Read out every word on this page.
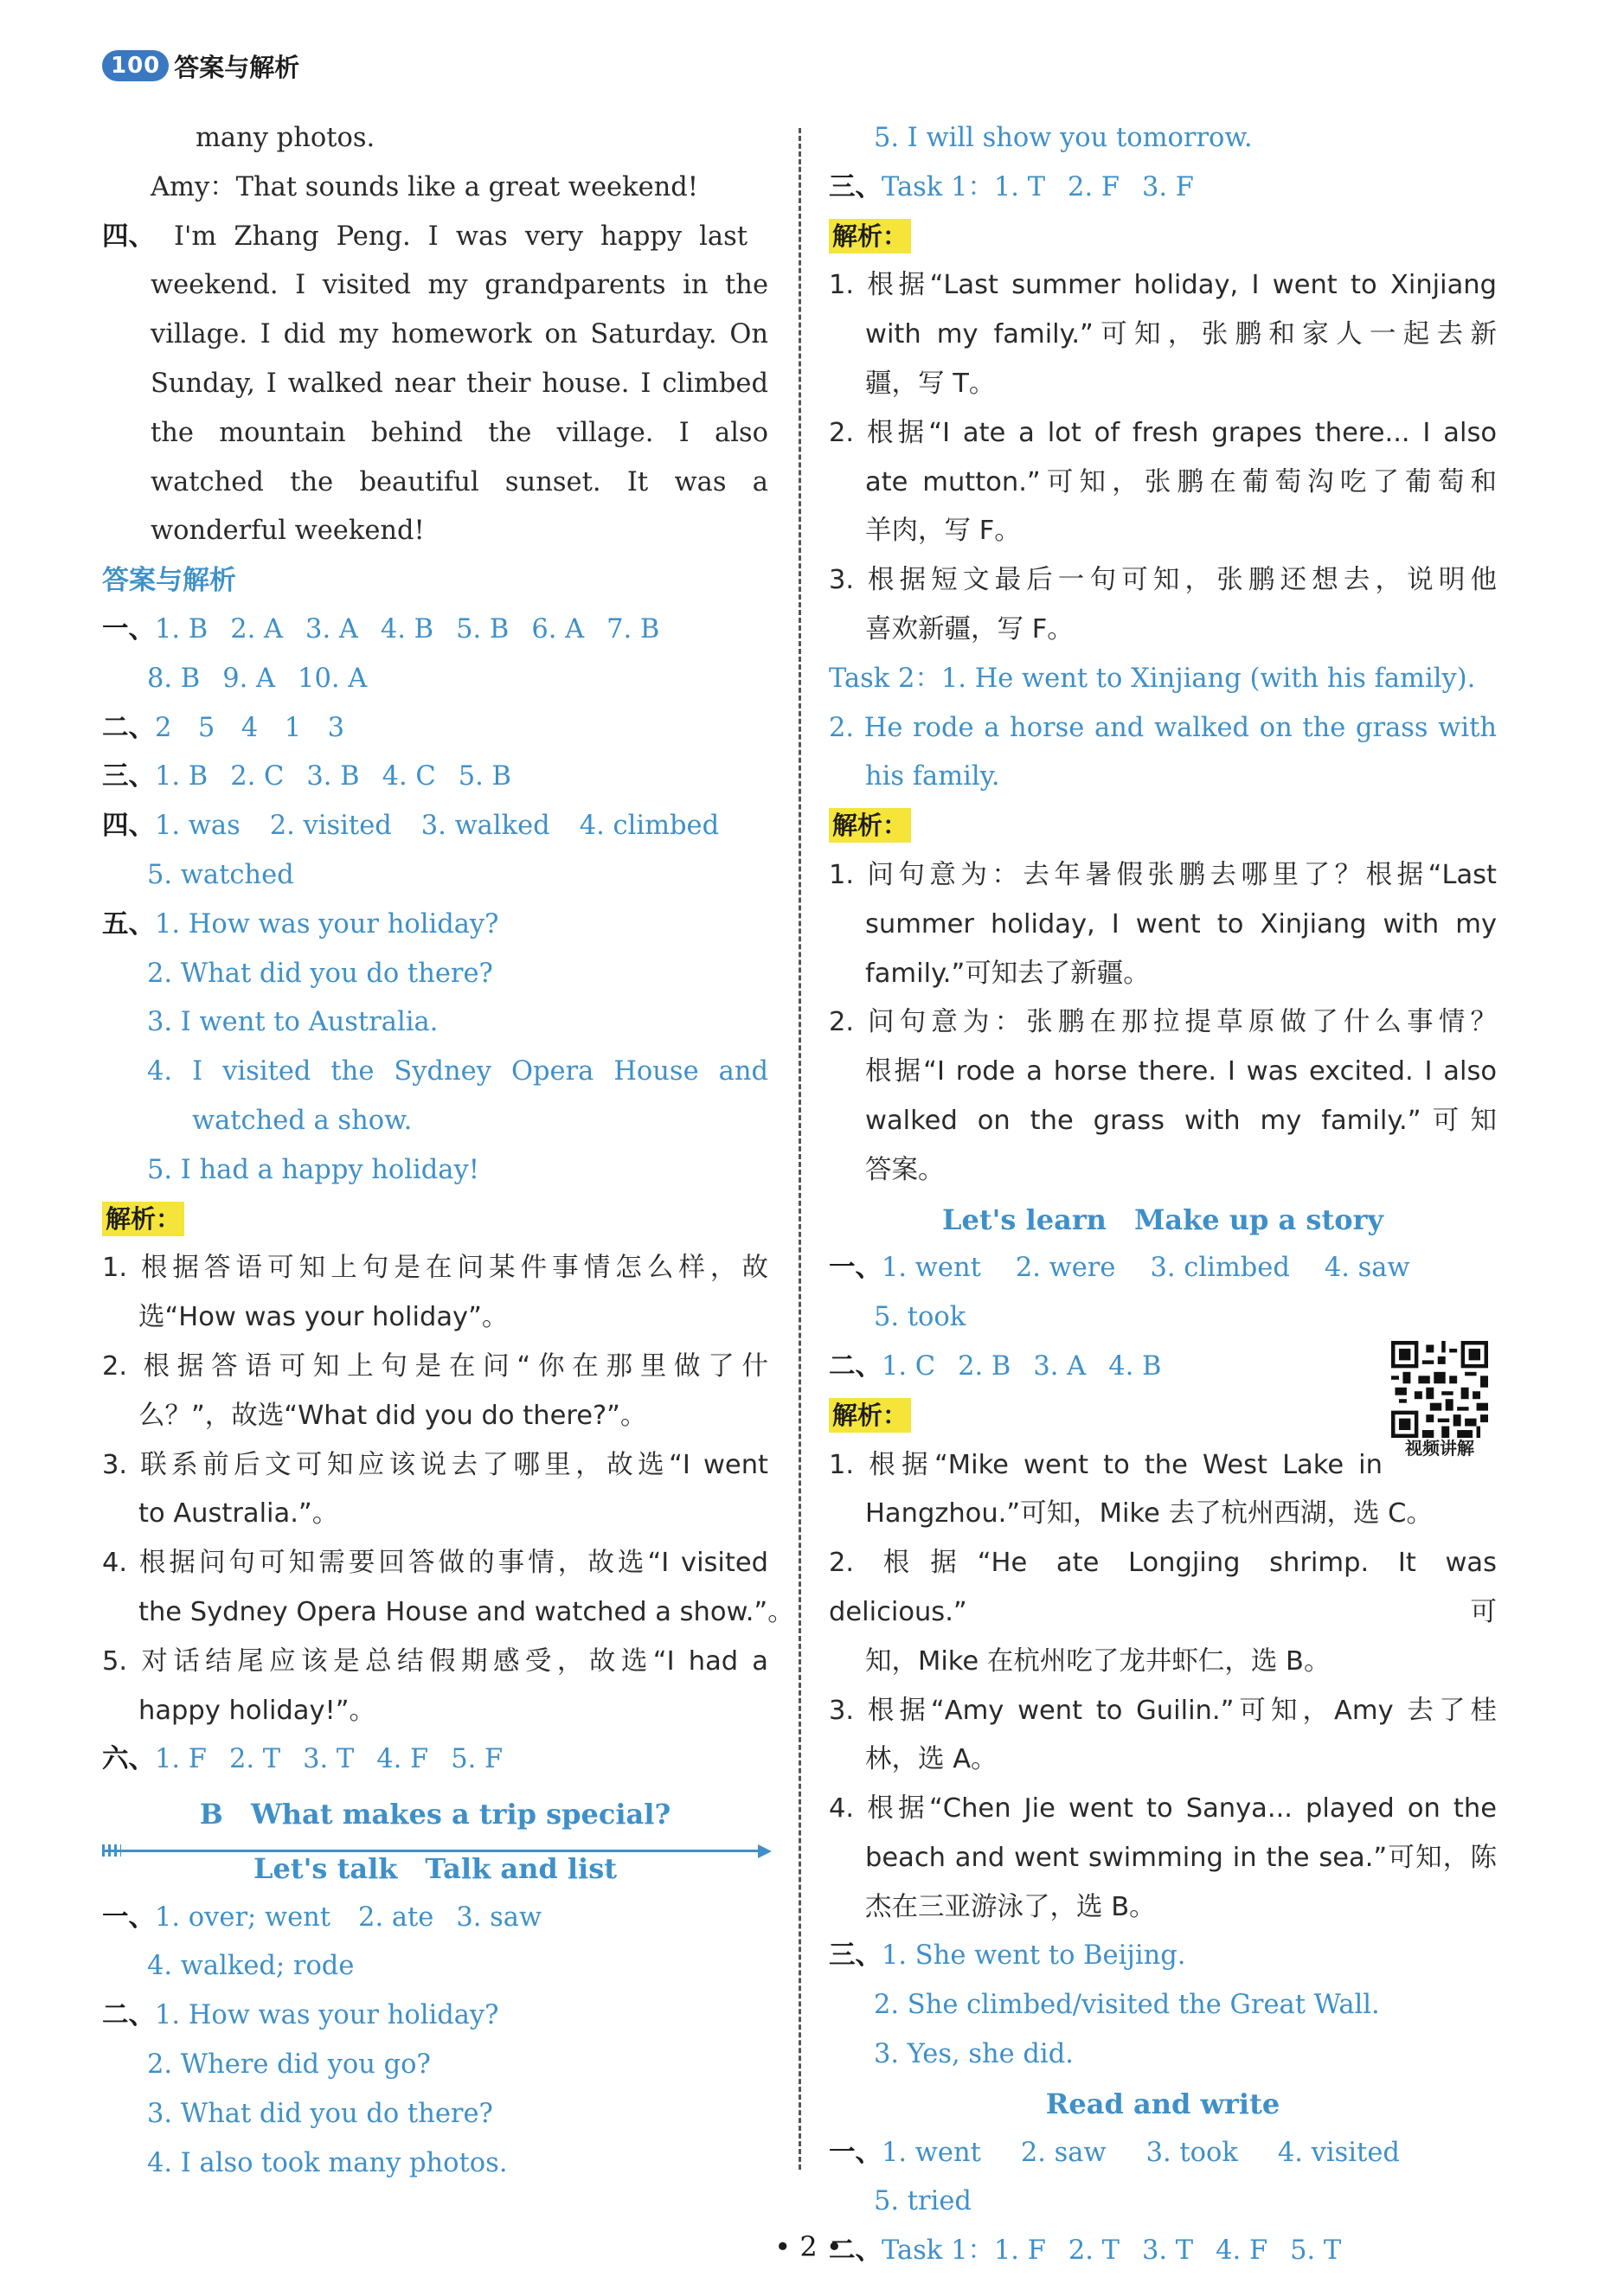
100 答案与解析
many photos.
Amy：That sounds like a great weekend!
四、 I'm Zhang Peng. I was very happy last
weekend. I visited my grandparents in the
village. I did my homework on Saturday. On
Sunday, I walked near their house. I climbed
the mountain behind the village. I also
watched the beautiful sunset. It was a
wonderful weekend!
答案与解析
一、1. B 2. A 3. A 4. B 5. B 6. A 7. B
8. B 9. A 10. A
二、2　5　4　1　3
三、1. B 2. C 3. B 4. C 5. B
四、1. was 2. visited 3. walked 4. climbed
5. watched
五、1. How was your holiday?
2. What did you do there?
3. I went to Australia.
4. I visited the Sydney Opera House and
watched a show.
5. I had a happy holiday!
解析：
1. 根据答语可知上句是在问某件事情怎么样，故
选“How was your holiday”。
2. 根据答语可知上句是在问“你在那里做了什
么？”，故选“What did you do there?”。
3. 联系前后文可知应该说去了哪里，故选“I went
to Australia.”。
4. 根据问句可知需要回答做的事情，故选“I visited
the Sydney Opera House and watched a show.”。
5. 对话结尾应该是总结假期感受，故选“I had a
happy holiday!”。
六、1. F 2. T 3. T 4. F 5. F
B　What makes a trip special?
Let's talk　Talk and list
一、1. over; went 2. ate 3. saw
4. walked; rode
二、1. How was your holiday?
2. Where did you go?
3. What did you do there?
4. I also took many photos.
5. I will show you tomorrow.
三、Task 1：1. T 2. F 3. F
解析：
1. 根据“Last summer holiday, I went to Xinjiang
with my family.”可知，张鹏和家人一起去新
疆，写 T。
2. 根据“I ate a lot of fresh grapes there... I also
ate mutton.”可知，张鹏在葡萄沟吃了葡萄和
羊肉，写 F。
3. 根据短文最后一句可知，张鹏还想去，说明他
喜欢新疆，写 F。
Task 2：1. He went to Xinjiang (with his family).
2. He rode a horse and walked on the grass with
his family.
解析：
1. 问句意为：去年暑假张鹏去哪里了？根据“Last
summer holiday, I went to Xinjiang with my
family.”可知去了新疆。
2. 问句意为：张鹏在那拉提草原做了什么事情？
根据“I rode a horse there. I was excited. I also
walked on the grass with my family.”可知
答案。
Let's learn　Make up a story
一、1. went 2. were 3. climbed 4. saw
5. took
二、1. C 2. B 3. A 4. B
视频讲解
解析：
1. 根据“Mike went to the West Lake in
Hangzhou.”可知，Mike 去了杭州西湖，选 C。
2. 根据“He ate Longjing shrimp. It was delicious.”可
知，Mike 在杭州吃了龙井虾仁，选 B。
3. 根据“Amy went to Guilin.”可知，Amy 去了桂
林，选 A。
4. 根据“Chen Jie went to Sanya... played on the
beach and went swimming in the sea.”可知，陈
杰在三亚游泳了，选 B。
三、1. She went to Beijing.
2. She climbed/visited the Great Wall.
3. Yes, she did.
Read and write
一、1. went 2. saw 3. took 4. visited
5. tried
二、Task 1：1. F 2. T 3. T 4. F 5. T
• 2 •
